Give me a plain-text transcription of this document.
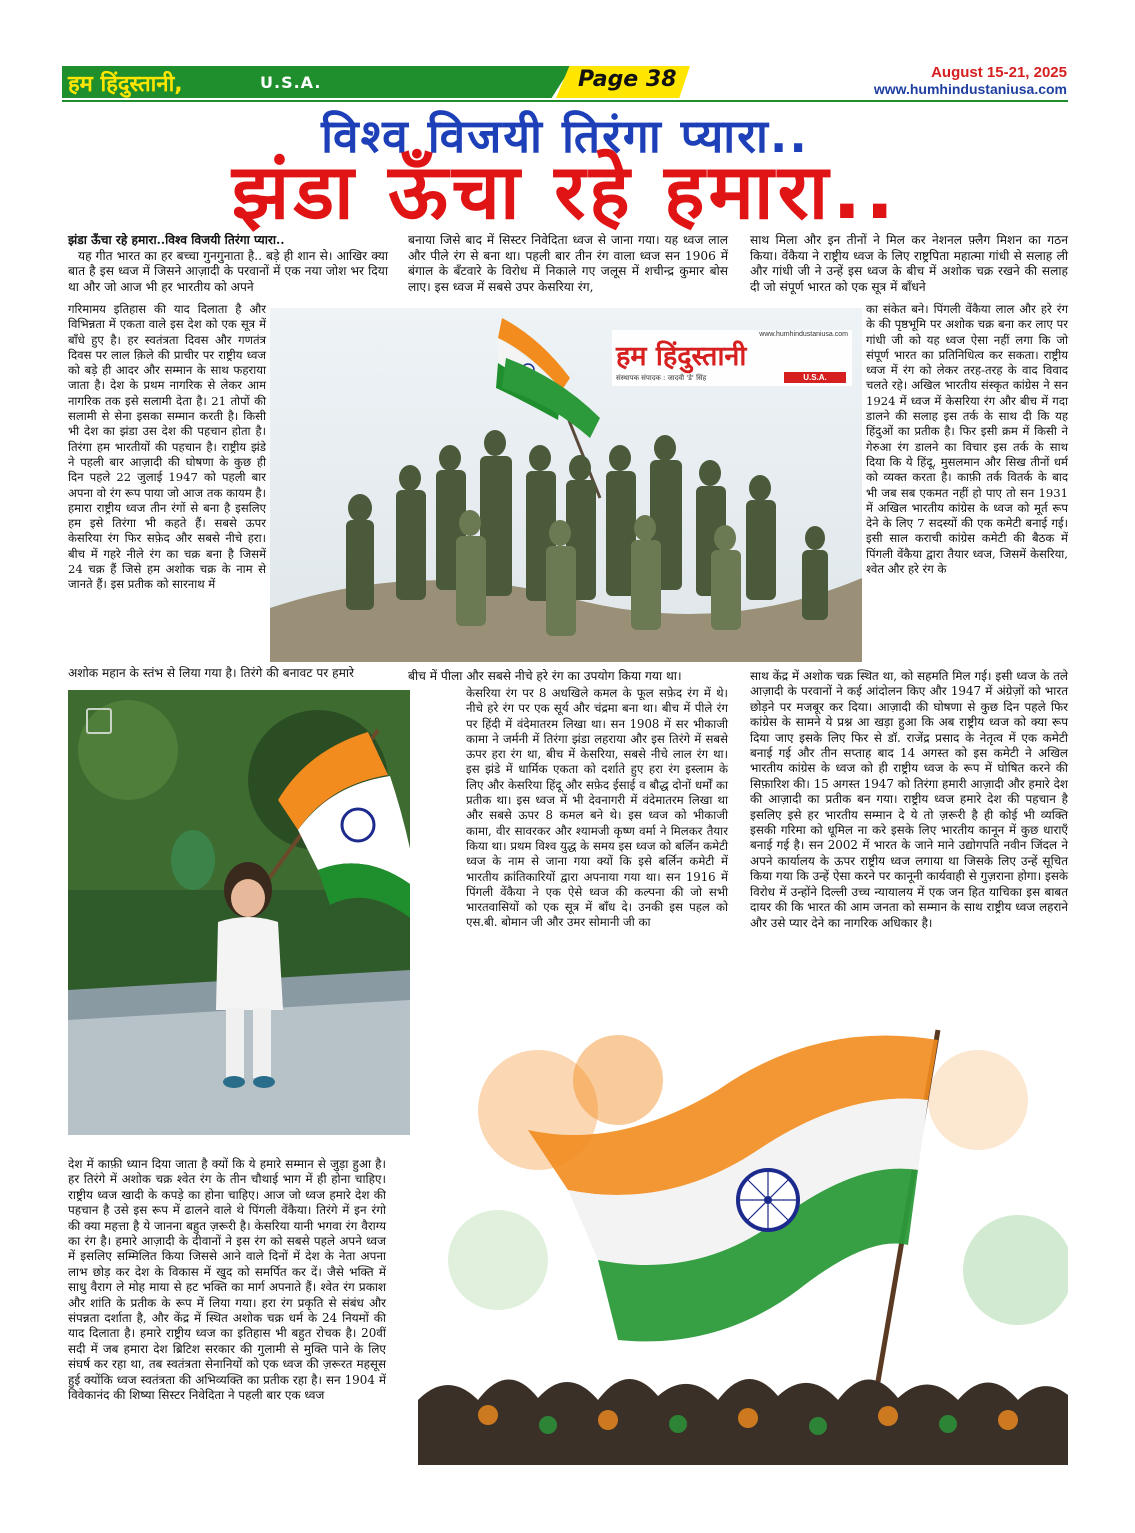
हम हिंदुस्तानी,	U.S.A.	Page 38	August 15-21, 2025
www.humhindustaniusa.com
विश्व विजयी तिरंगा प्यारा..
झंडा ऊँचा रहे हमारा..

झंडा ऊँचा रहे हमारा..विश्व विजयी तिरंगा प्यारा..

यह गीत भारत का हर बच्चा गुनगुनाता है.. बड़े ही शान से। आखिर क्या बात है इस ध्वज में जिसने आज़ादी के परवानों में एक नया जोश भर दिया था और जो आज भी हर भारतीय को अपने

गरिमामय इतिहास की याद दिलाता है और विभिन्नता में एकता वाले इस देश को एक सूत्र में बाँधे हुए है। हर स्वतंत्रता दिवस और गणतंत्र दिवस पर लाल क़िले की प्राचीर पर राष्ट्रीय ध्वज को बड़े ही आदर और सम्मान के साथ फहराया जाता है। देश के प्रथम नागरिक से लेकर आम नागरिक तक इसे सलामी देता है। 21 तोपों की सलामी से सेना इसका सम्मान करती है। किसी भी देश का झंडा उस देश की पहचान होता है। तिरंगा हम भारतीयों की पहचान है। राष्ट्रीय झंडे ने पहली बार आज़ादी की घोषणा के कुछ ही दिन पहले 22 जुलाई 1947 को पहली बार अपना वो रंग रूप पाया जो आज तक कायम है। हमारा राष्ट्रीय ध्वज तीन रंगों से बना है इसलिए हम इसे तिरंगा भी कहते हैं। सबसे ऊपर केसरिया रंग फिर सफ़ेद और सबसे नीचे हरा। बीच में गहरे नीले रंग का चक्र बना है जिसमें 24 चक्र हैं जिसे हम अशोक चक्र के नाम से जानते हैं। इस प्रतीक को सारनाथ में

अशोक महान के स्तंभ से लिया गया है। तिरंगे की बनावट पर हमारे

बनाया जिसे बाद में सिस्टर निवेदिता ध्वज से जाना गया। यह ध्वज लाल और पीले रंग से बना था। पहली बार तीन रंग वाला ध्वज सन 1906 में बंगाल के बँटवारे के विरोध में निकाले गए जलूस में शचीन्द्र कुमार बोस लाए। इस ध्वज में सबसे उपर केसरिया रंग,

साथ मिला और इन तीनों ने मिल कर नेशनल फ़्लैग मिशन का गठन किया। वेंकैया ने राष्ट्रीय ध्वज के लिए राष्ट्रपिता महात्मा गांधी से सलाह ली और गांधी जी ने उन्हें इस ध्वज के बीच में अशोक चक्र रखने की सलाह दी जो संपूर्ण भारत को एक सूत्र में बाँधने

का संकेत बने। पिंगली वेंकैया लाल और हरे रंग के की पृष्ठभूमि पर अशोक चक्र बना कर लाए पर गांधी जी को यह ध्वज ऐसा नहीं लगा कि जो संपूर्ण भारत का प्रतिनिधित्व कर सकता। राष्ट्रीय ध्वज में रंग को लेकर तरह-तरह के वाद विवाद चलते रहे। अखिल भारतीय संस्कृत कांग्रेस ने सन 1924 में ध्वज में केसरिया रंग और बीच में गदा डालने की सलाह इस तर्क के साथ दी कि यह हिंदुओं का प्रतीक है। फिर इसी क्रम में किसी ने गेरुआ रंग डालने का विचार इस तर्क के साथ दिया कि ये हिंदू, मुसलमान और सिख तीनों धर्म को व्यक्त करता है। काफ़ी तर्क वितर्क के बाद भी जब सब एकमत नहीं हो पाए तो सन 1931 में अखिल भारतीय कांग्रेस के ध्वज को मूर्त रूप देने के लिए 7 सदस्यों की एक कमेटी बनाई गई। इसी साल कराची कांग्रेस कमेटी की बैठक में पिंगली वेंकैया द्वारा तैयार ध्वज, जिसमें केसरिया, श्वेत और हरे रंग के

www.humhindustaniusa.com
हम हिंदुस्तानी
संस्थापक संपादक : जादवी 'डे' सिंह	U.S.A.

बीच में पीला और सबसे नीचे हरे रंग का उपयोग किया गया था।

केसरिया रंग पर 8 अधखिले कमल के फूल सफ़ेद रंग में थे। नीचे हरे रंग पर एक सूर्य और चंद्रमा बना था। बीच में पीले रंग पर हिंदी में वंदेमातरम लिखा था। सन 1908 में सर भीकाजी कामा ने जर्मनी में तिरंगा झंडा लहराया और इस तिरंगे में सबसे ऊपर हरा रंग था, बीच में केसरिया, सबसे नीचे लाल रंग था। इस झंडे में धार्मिक एकता को दर्शाते हुए हरा रंग इस्लाम के लिए और केसरिया हिंदू और सफ़ेद ईसाई व बौद्ध दोनों धर्मों का प्रतीक था। इस ध्वज में भी देवनागरी में वंदेमातरम लिखा था और सबसे ऊपर 8 कमल बने थे। इस ध्वज को भीकाजी कामा, वीर सावरकर और श्यामजी कृष्ण वर्मा ने मिलकर तैयार किया था। प्रथम विश्व युद्ध के समय इस ध्वज को बर्लिन कमेटी ध्वज के नाम से जाना गया क्यों कि इसे बर्लिन कमेटी में भारतीय क्रांतिकारियों द्वारा अपनाया गया था। सन 1916 में पिंगली वेंकैया ने एक ऐसे ध्वज की कल्पना की जो सभी भारतवासियों को एक सूत्र में बाँध दे। उनकी इस पहल को एस.बी. बोमान जी और उमर सोमानी जी का

साथ केंद्र में अशोक चक्र स्थित था, को सहमति मिल गई। इसी ध्वज के तले आज़ादी के परवानों ने कई आंदोलन किए और 1947 में अंग्रेज़ों को भारत छोड़ने पर मजबूर कर दिया। आज़ादी की घोषणा से कुछ दिन पहले फिर कांग्रेस के सामने ये प्रश्न आ खड़ा हुआ कि अब राष्ट्रीय ध्वज को क्या रूप दिया जाए इसके लिए फिर से डॉ. राजेंद्र प्रसाद के नेतृत्व में एक कमेटी बनाई गई और तीन सप्ताह बाद 14 अगस्त को इस कमेटी ने अखिल भारतीय कांग्रेस के ध्वज को ही राष्ट्रीय ध्वज के रूप में घोषित करने की सिफ़ारिश की। 15 अगस्त 1947 को तिरंगा हमारी आज़ादी और हमारे देश की आज़ादी का प्रतीक बन गया। राष्ट्रीय ध्वज हमारे देश की पहचान है इसलिए इसे हर भारतीय सम्मान दे ये तो ज़रूरी है ही कोई भी व्यक्ति इसकी गरिमा को धूमिल ना करे इसके लिए भारतीय कानून में कुछ धाराएँ बनाई गई है। सन 2002 में भारत के जाने माने उद्योगपति नवीन जिंदल ने अपने कार्यालय के ऊपर राष्ट्रीय ध्वज लगाया था जिसके लिए उन्हें सूचित किया गया कि उन्हें ऐसा करने पर कानूनी कार्यवाही से गुज़राना होगा। इसके विरोध में उन्होंने दिल्ली उच्च न्यायालय में एक जन हित याचिका इस बाबत दायर की कि भारत की आम जनता को सम्मान के साथ राष्ट्रीय ध्वज लहराने और उसे प्यार देने का नागरिक अधिकार है।

देश में काफ़ी ध्यान दिया जाता है क्यों कि ये हमारे सम्मान से जुड़ा हुआ है। हर तिरंगे में अशोक चक्र श्वेत रंग के तीन चौथाई भाग में ही होना चाहिए। राष्ट्रीय ध्वज खादी के कपड़े का होना चाहिए। आज जो ध्वज हमारे देश की पहचान है उसे इस रूप में ढालने वाले थे पिंगली वेंकैया। तिरंगे में इन रंगो की क्या महत्ता है ये जानना बहुत ज़रूरी है। केसरिया यानी भगवा रंग वैराग्य का रंग है। हमारे आज़ादी के दीवानों ने इस रंग को सबसे पहले अपने ध्वज में इसलिए सम्मिलित किया जिससे आने वाले दिनों में देश के नेता अपना लाभ छोड़ कर देश के विकास में खुद को समर्पित कर दें। जैसे भक्ति में साधु वैराग ले मोह माया से हट भक्ति का मार्ग अपनाते हैं। श्वेत रंग प्रकाश और शांति के प्रतीक के रूप में लिया गया। हरा रंग प्रकृति से संबंध और संपन्नता दर्शाता है, और केंद्र में स्थित अशोक चक्र धर्म के 24 नियमों की याद दिलाता है। हमारे राष्ट्रीय ध्वज का इतिहास भी बहुत रोचक है। 20वीं सदी में जब हमारा देश ब्रिटिश सरकार की गुलामी से मुक्ति पाने के लिए संघर्ष कर रहा था, तब स्वतंत्रता सेनानियों को एक ध्वज की ज़रूरत महसूस हुई क्योंकि ध्वज स्वतंत्रता की अभिव्यक्ति का प्रतीक रहा है। सन 1904 में विवेकानंद की शिष्या सिस्टर निवेदिता ने पहली बार एक ध्वज
